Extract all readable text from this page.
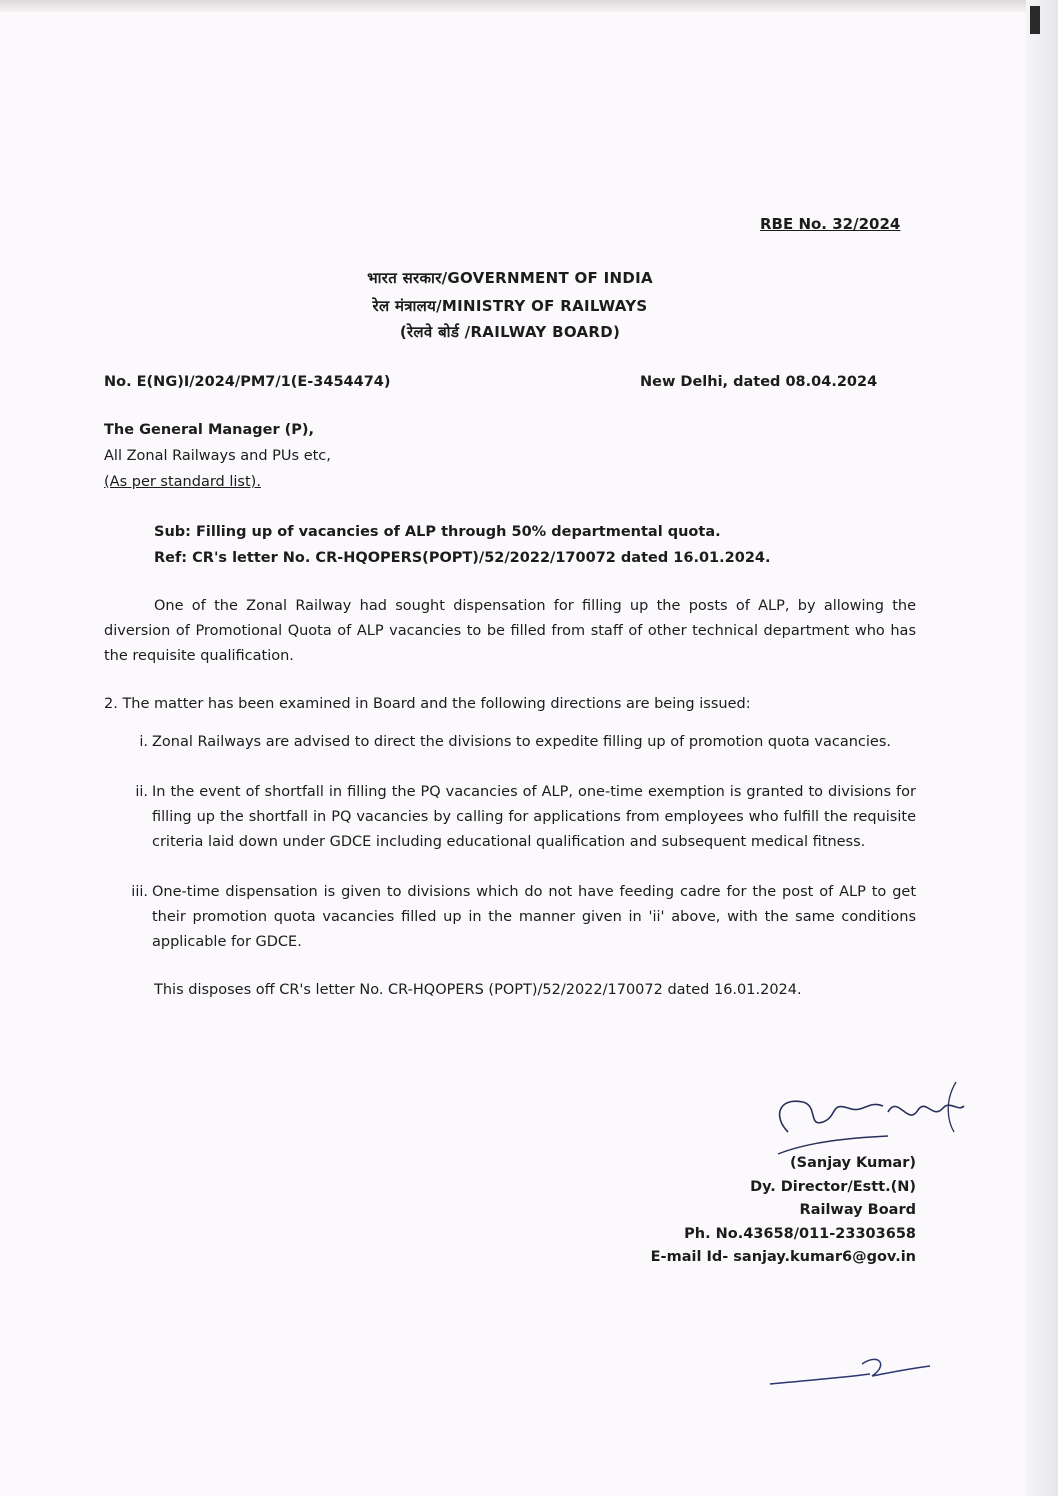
RBE No. 32/2024
भारत सरकार/GOVERNMENT OF INDIA
रेल मंत्रालय/MINISTRY OF RAILWAYS
(रेलवे बोर्ड /RAILWAY BOARD)
No. E(NG)I/2024/PM7/1(E-3454474)	New Delhi, dated 08.04.2024
The General Manager (P),
All Zonal Railways and PUs etc,
(As per standard list).
Sub: Filling up of vacancies of ALP through 50% departmental quota.
Ref: CR's letter No. CR-HQOPERS(POPT)/52/2022/170072 dated 16.01.2024.
One of the Zonal Railway had sought dispensation for filling up the posts of ALP, by allowing the diversion of Promotional Quota of ALP vacancies to be filled from staff of other technical department who has the requisite qualification.
2. The matter has been examined in Board and the following directions are being issued:
i. Zonal Railways are advised to direct the divisions to expedite filling up of promotion quota vacancies.
ii. In the event of shortfall in filling the PQ vacancies of ALP, one-time exemption is granted to divisions for filling up the shortfall in PQ vacancies by calling for applications from employees who fulfill the requisite criteria laid down under GDCE including educational qualification and subsequent medical fitness.
iii. One-time dispensation is given to divisions which do not have feeding cadre for the post of ALP to get their promotion quota vacancies filled up in the manner given in 'ii' above, with the same conditions applicable for GDCE.
This disposes off CR's letter No. CR-HQOPERS (POPT)/52/2022/170072 dated 16.01.2024.
(Sanjay Kumar)
Dy. Director/Estt.(N)
Railway Board
Ph. No.43658/011-23303658
E-mail Id- sanjay.kumar6@gov.in
